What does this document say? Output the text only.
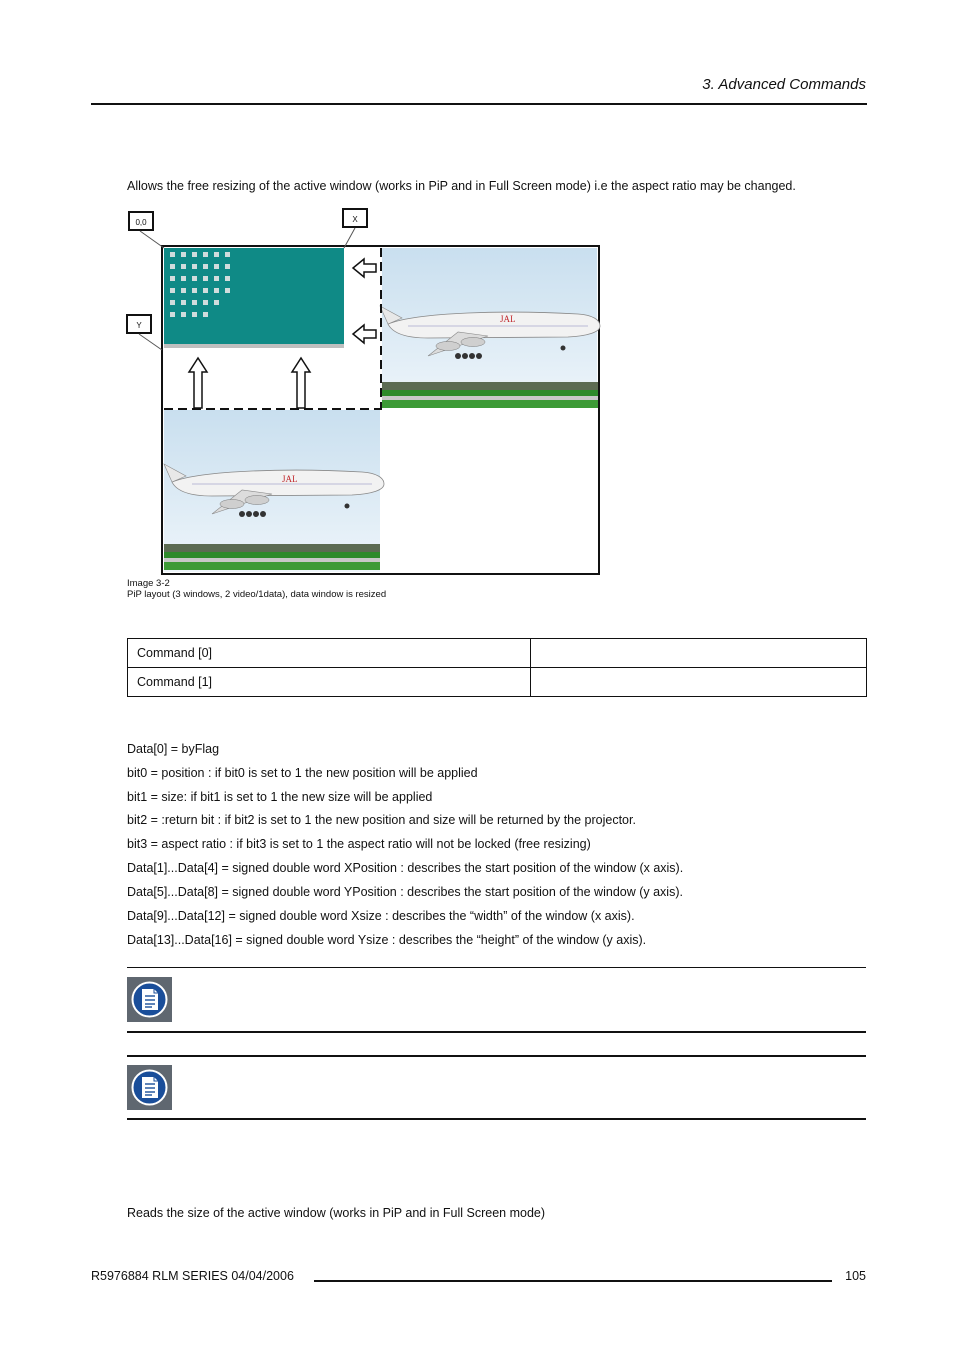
3. Advanced Commands
Allows the free resizing of the active window (works in PiP and in Full Screen mode) i.e the aspect ratio may be changed.
JAL
JAL
0,0	X
Y
Image 3-2
PiP layout (3 windows, 2 video/1data), data window is resized
Command [0]	
Command [1]	
Data[0] = byFlag
bit0 = position : if bit0 is set to 1 the new position will be applied
bit1 = size: if bit1 is set to 1 the new size will be applied
bit2 = :return bit : if bit2 is set to 1 the new position and size will be returned by the projector.
bit3 = aspect ratio : if bit3 is set to 1 the aspect ratio will not be locked (free resizing)
Data[1]...Data[4] = signed double word XPosition : describes the start position of the window (x axis).
Data[5]...Data[8] = signed double word YPosition : describes the start position of the window (y axis).
Data[9]...Data[12] = signed double word Xsize : describes the “width” of the window (x axis).
Data[13]...Data[16] = signed double word Ysize : describes the “height” of the window (y axis).
Reads the size of the active window (works in PiP and in Full Screen mode)
R5976884 RLM SERIES 04/04/2006	105
